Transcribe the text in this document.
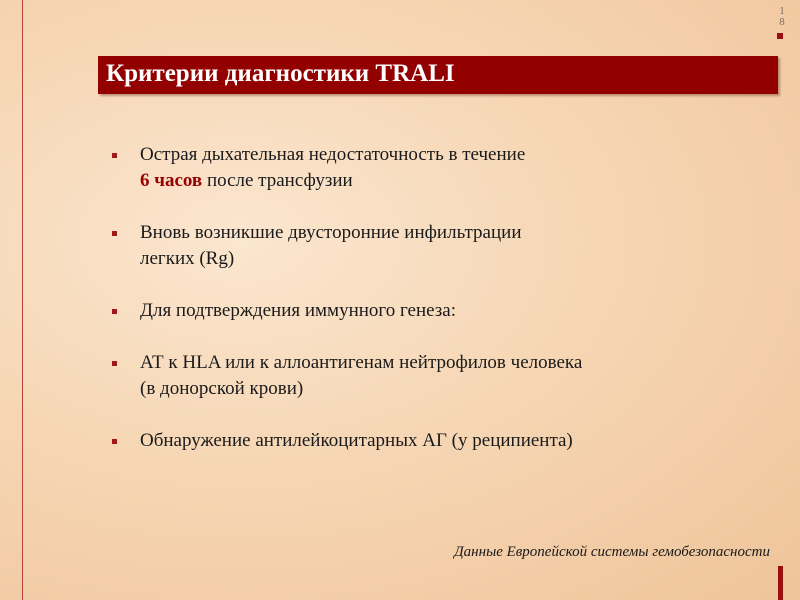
1
8
Критерии диагностики TRALI
Острая дыхательная недостаточность в течение
6 часов после трансфузии
Вновь возникшие двусторонние инфильтрации
легких (Rg)
Для подтверждения иммунного генеза:
АТ к HLA или к аллоантигенам нейтрофилов человека
(в донорской крови)
Обнаружение антилейкоцитарных АГ (у реципиента)
Данные Европейской системы гемобезопасности
